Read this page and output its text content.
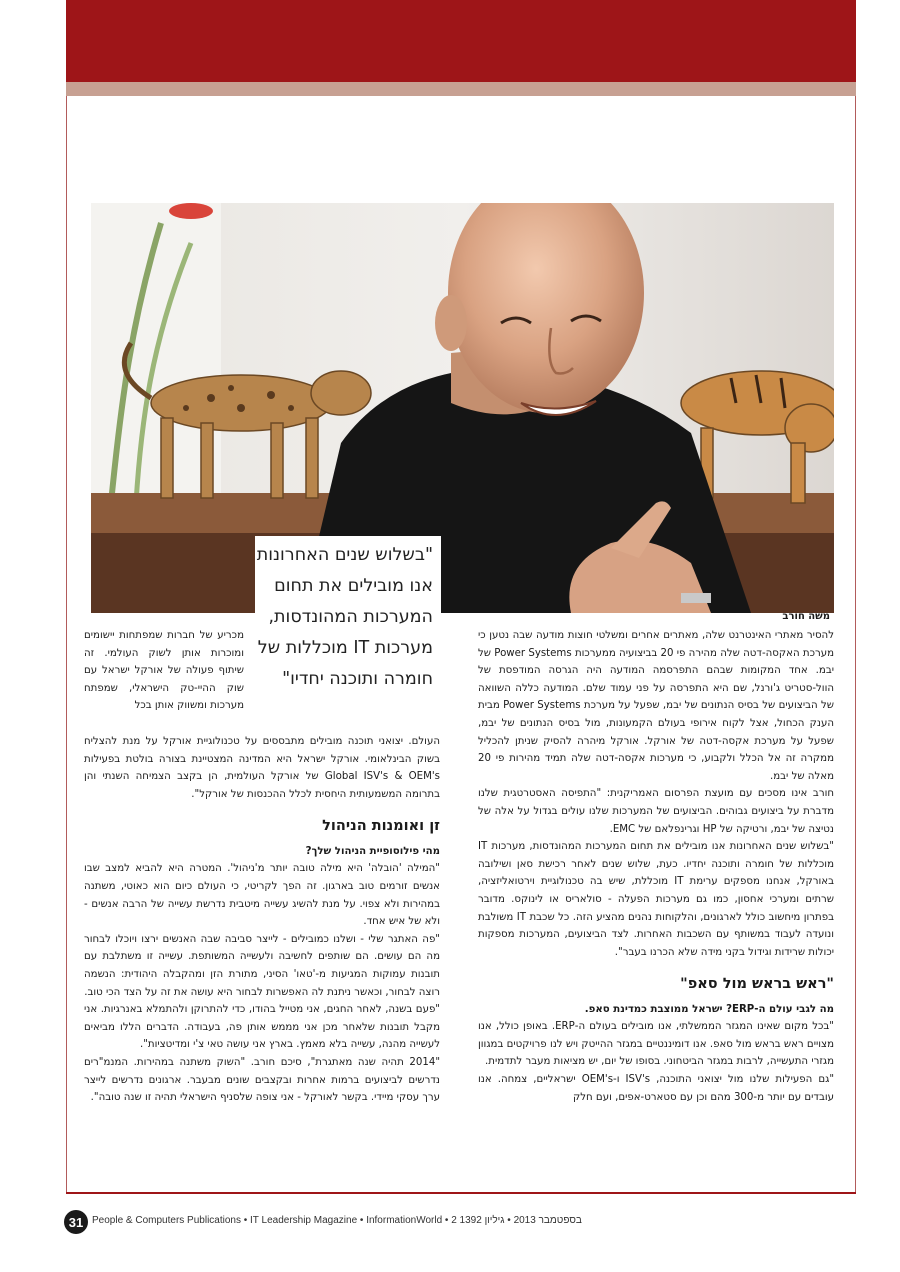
משה חורב
"בשלוש שנים האחרונות
אנו מובילים את תחום
המערכות המהונדסות,
מערכות IT מוכללות של
חומרה ותוכנה יחדיו"

להסיר מאתרי האינטרנט שלה, מאתרים אחרים ומשלטי חוצות מודעה שבה נטען כי מערכת האקסה-דטה שלה מהירה פי 20 בביצועיה ממערכות Power Systems של יבמ. אחד המקומות שבהם התפרסמה המודעה היה הגרסה המודפסת של הוול-סטריט ג'ורנל, שם היא התפרסה על פני עמוד שלם. המודעה כללה השוואה של הביצועים של בסיס הנתונים של יבמ, שפעל על מערכת Power Systems מבית הענק הכחול, אצל לקוח אירופי בעולם הקמעונות, מול בסיס הנתונים של יבמ, שפעל על מערכת אקסה-דטה של אורקל. אורקל מיהרה להסיק שניתן להכליל ממקרה זה אל הכלל ולקבוע, כי מערכות אקסה-דטה שלה תמיד מהירות פי 20 מאלה של יבמ.

חורב אינו מסכים עם מועצת הפרסום האמריקנית: "התפיסה האסטרטגית שלנו מדברת על ביצועים גבוהים. הביצועים של המערכות שלנו עולים בגדול על אלה של נטיצה של יבמ, ורטיקה של HP וגרינפלאם של EMC.

"בשלוש שנים האחרונות אנו מובילים את תחום המערכות המהונדסות, מערכות IT מוכללות של חומרה ותוכנה יחדיו. כעת, שלוש שנים לאחר רכישת סאן ושילובה באורקל, אנחנו מספקים ערימת IT מוכללת, שיש בה טכנולוגיית וירטואליזציה, שרתים ומערכי אחסון, כמו גם מערכות הפעלה - סולאריס או לינוקס. מדובר בפתרון מיחשוב כולל לארגונים, והלקוחות נהנים מהציע הזה. כל שכבת IT משולבת ונועדה לעבוד במשותף עם השכבות האחרות. לצד הביצועים, המערכות מספקות יכולות שרידות וגידול בקני מידה שלא הכרנו בעבר".

"ראש בראש מול סאפ"
מה לגבי עולם ה-ERP? ישראל ממוצבת כמדינת סאפ.

"בכל מקום שאינו המגזר הממשלתי, אנו מובילים בעולם ה-ERP. באופן כולל, אנו מצויים ראש בראש מול סאפ. אנו דומיננטיים במגזר ההייטק ויש לנו פרויקטים במגוון מגזרי התעשייה, לרבות במגזר הביטחוני. בסופו של יום, יש מציאות מעבר לתדמית.

"גם הפעילות שלנו מול יצואני התוכנה, ISV's ו-OEM's ישראליים, צמחה. אנו עובדים עם יותר מ-300 מהם וכן עם סטארט-אפים, ועם חלק

מכריע של חברות שמפתחות יישומים ומוכרות אותן לשוק העולמי. זה שיתוף פעולה של אורקל ישראל עם שוק ההיי-טק הישראלי, שמפתח מערכות ומשווק אותן בכל

העולם. יצואני תוכנה מובילים מתבססים על טכנולוגיית אורקל על מנת להצליח בשוק הבינלאומי. אורקל ישראל היא המדינה המצטיינת בצורה בולטת בפעילות Global ISV's & OEM's של אורקל העולמית, הן בקצב הצמיחה השנתי והן בתרומה המשמעותית היחסית לכלל ההכנסות של אורקל".

זן ואומנות הניהול
מהי פילוסופיית הניהול שלך?

"המילה 'הובלה' היא מילה טובה יותר מ'ניהול'. המטרה היא להביא למצב שבו אנשים זורמים טוב בארגון. זה הפך לקריטי, כי העולם כיום הוא כאוטי, משתנה במהירות ולא צפוי. על מנת להשיג עשייה מיטבית נדרשת עשייה של הרבה אנשים - ולא של איש אחד.

"פה האתגר שלי - ושלנו כמובילים - לייצר סביבה שבה האנשים ירצו ויוכלו לבחור מה הם עושים. הם שותפים לחשיבה ולעשייה המשותפת. עשייה זו משתלבת עם תובנות עמוקות המגיעות מ-'טאו' הסיני, מתורת הזן ומהקבלה היהודית: הנשמה רוצה לבחור, וכאשר ניתנת לה האפשרות לבחור היא עושה את זה על הצד הכי טוב.

"פעם בשנה, לאחר החגים, אני מטייל בהודו, כדי להתרוקן ולהתמלא באנרגיות. אני מקבל תובנות שלאחר מכן אני מממש אותן פה, בעבודה. הדברים הללו מביאים לעשייה מהנה, עשייה בלא מאמץ. בארץ אני עושה טאי צ'י ומדיטציות".

"2014 תהיה שנה מאתגרת", סיכם חורב. "השוק משתנה במהירות. המנמ"רים נדרשים לביצועים ברמות אחרות ובקצבים שונים מבעבר. ארגונים נדרשים לייצר ערך עסקי מיידי. בקשר לאורקל - אני צופה שלסניף הישראלי תהיה זו שנה טובה".

31 People & Computers Publications • IT Leadership Magazine • InformationWorld • 2 בספטמבר 2013 • גיליון 1392
